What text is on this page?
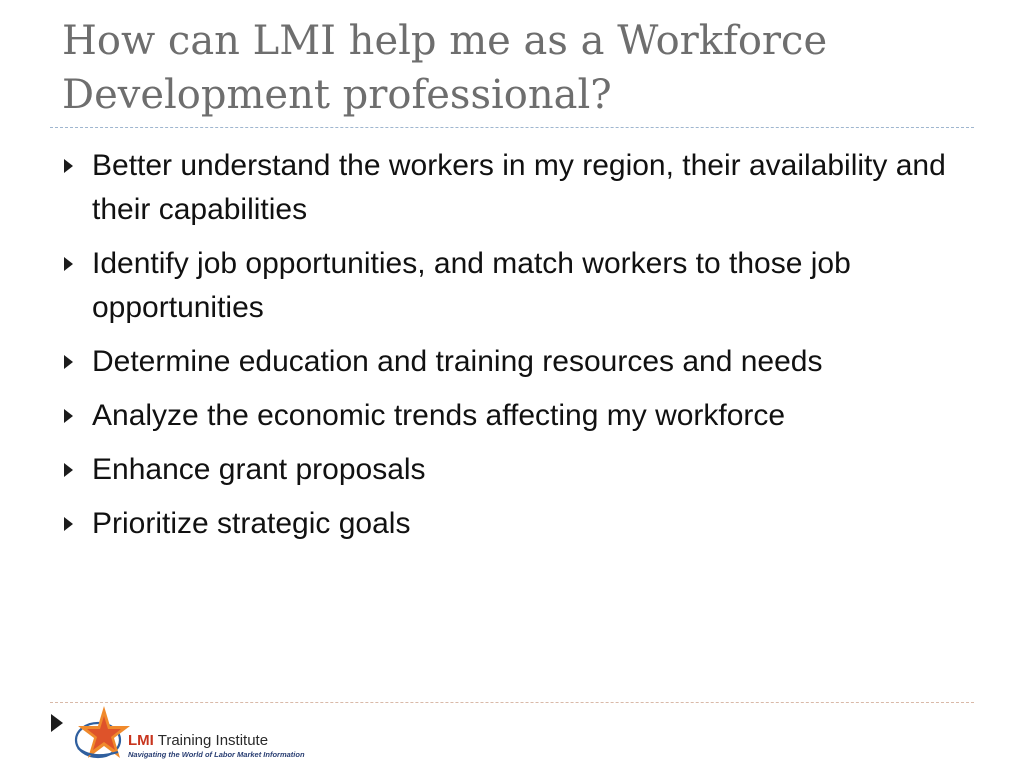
How can LMI help me as a Workforce Development professional?
Better understand the workers in my region, their availability and their capabilities
Identify job opportunities, and match workers to those job opportunities
Determine education and training resources and needs
Analyze the economic trends affecting my workforce
Enhance grant proposals
Prioritize strategic goals
LMI Training Institute
Navigating the World of Labor Market Information
